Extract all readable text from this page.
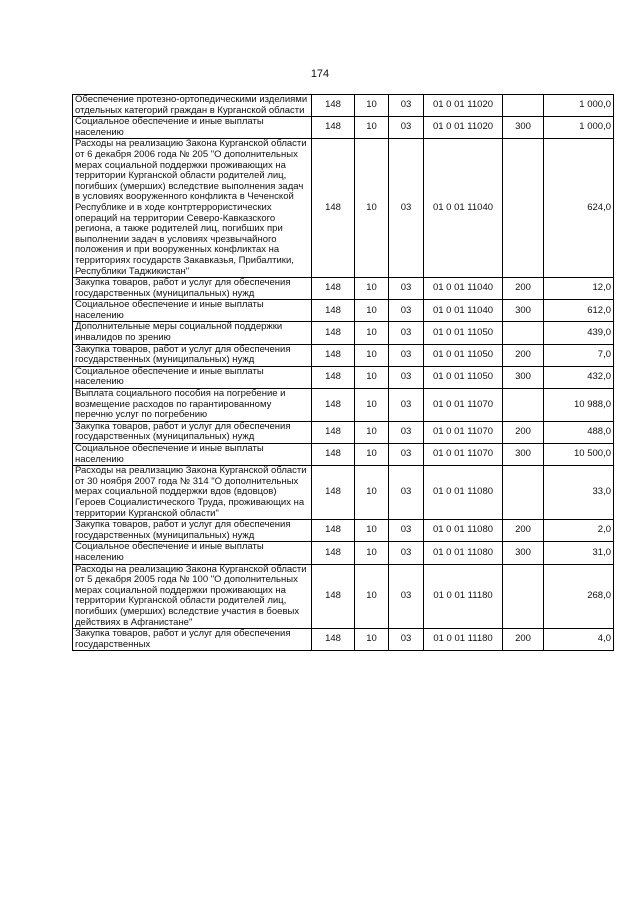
174
Обеспечение протезно-ортопедическими изделиями отдельных категорий граждан в Курганской области	148	10	03	01 0 01 11020		1 000,0
Социальное обеспечение и иные выплаты населению	148	10	03	01 0 01 11020	300	1 000,0
Расходы на реализацию Закона Курганской области от 6 декабря 2006 года № 205 "О дополнительных мерах социальной поддержки проживающих на территории Курганской области родителей лиц, погибших (умерших) вследствие выполнения задач в условиях вооруженного конфликта в Чеченской Республике и в ходе контртеррористических операций на территории Северо-Кавказского региона, а также родителей лиц, погибших при выполнении задач в условиях чрезвычайного положения и при вооруженных конфликтах на территориях государств Закавказья, Прибалтики, Республики Таджикистан"	148	10	03	01 0 01 11040		624,0
Закупка товаров, работ и услуг для обеспечения государственных (муниципальных) нужд	148	10	03	01 0 01 11040	200	12,0
Социальное обеспечение и иные выплаты населению	148	10	03	01 0 01 11040	300	612,0
Дополнительные меры социальной поддержки инвалидов по зрению	148	10	03	01 0 01 11050		439,0
Закупка товаров, работ и услуг для обеспечения государственных (муниципальных) нужд	148	10	03	01 0 01 11050	200	7,0
Социальное обеспечение и иные выплаты населению	148	10	03	01 0 01 11050	300	432,0
Выплата социального пособия на погребение и возмещение расходов по гарантированному перечню услуг по погребению	148	10	03	01 0 01 11070		10 988,0
Закупка товаров, работ и услуг для обеспечения государственных (муниципальных) нужд	148	10	03	01 0 01 11070	200	488,0
Социальное обеспечение и иные выплаты населению	148	10	03	01 0 01 11070	300	10 500,0
Расходы на реализацию Закона Курганской области от 30 ноября 2007 года № 314 "О дополнительных мерах социальной поддержки вдов (вдовцов) Героев Социалистического Труда, проживающих на территории Курганской области"	148	10	03	01 0 01 11080		33,0
Закупка товаров, работ и услуг для обеспечения государственных (муниципальных) нужд	148	10	03	01 0 01 11080	200	2,0
Социальное обеспечение и иные выплаты населению	148	10	03	01 0 01 11080	300	31,0
Расходы на реализацию Закона Курганской области от 5 декабря 2005 года № 100 "О дополнительных мерах социальной поддержки проживающих на территории Курганской области родителей лиц, погибших (умерших) вследствие участия в боевых действиях в Афганистане"	148	10	03	01 0 01 11180		268,0
Закупка товаров, работ и услуг для обеспечения государственных	148	10	03	01 0 01 11180	200	4,0
